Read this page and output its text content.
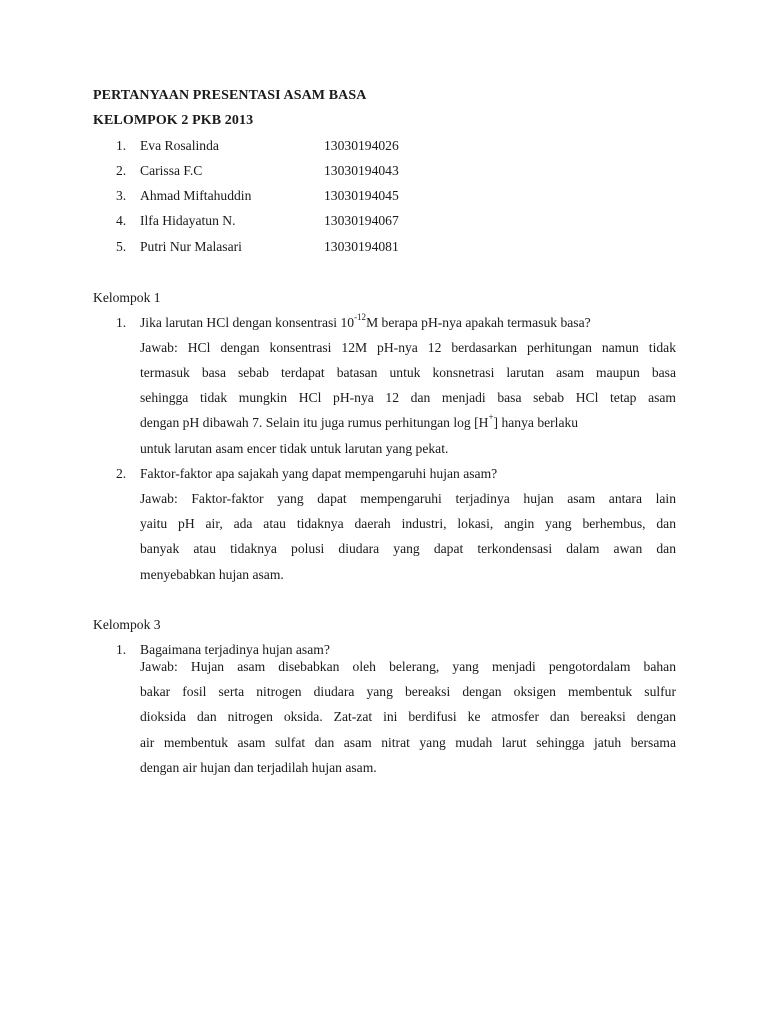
PERTANYAAN PRESENTASI ASAM BASA
KELOMPOK 2 PKB 2013
1. Eva Rosalinda	13030194026
2. Carissa F.C	13030194043
3. Ahmad Miftahuddin	13030194045
4. Ilfa Hidayatun N.	13030194067
5. Putri Nur Malasari	13030194081
Kelompok 1
1. Jika larutan HCl dengan konsentrasi $10^{-12}M$ berapa pH-nya apakah termasuk basa?
Jawab: HCl dengan konsentrasi 12M pH-nya 12 berdasarkan perhitungan namun tidak
termasuk basa sebab terdapat batasan untuk konsnetrasi larutan asam maupun basa
sehingga tidak mungkin HCl pH-nya 12 dan menjadi basa sebab HCl tetap asam
dengan pH dibawah 7. Selain itu juga rumus perhitungan log [H+] hanya berlaku
untuk larutan asam encer tidak untuk larutan yang pekat.
2. Faktor-faktor apa sajakah yang dapat mempengaruhi hujan asam?
Jawab: Faktor-faktor yang dapat mempengaruhi terjadinya hujan asam antara lain
yaitu pH air, ada atau tidaknya daerah industri, lokasi, angin yang berhembus, dan
banyak atau tidaknya polusi diudara yang dapat terkondensasi dalam awan dan
menyebabkan hujan asam.
Kelompok 3
1. Bagaimana terjadinya hujan asam?
Jawab: Hujan asam disebabkan oleh belerang, yang menjadi pengotordalam bahan
bakar fosil serta nitrogen diudara yang bereaksi dengan oksigen membentuk sulfur
dioksida dan nitrogen oksida. Zat-zat ini berdifusi ke atmosfer dan bereaksi dengan
air membentuk asam sulfat dan asam nitrat yang mudah larut sehingga jatuh bersama
dengan air hujan dan terjadilah hujan asam.
